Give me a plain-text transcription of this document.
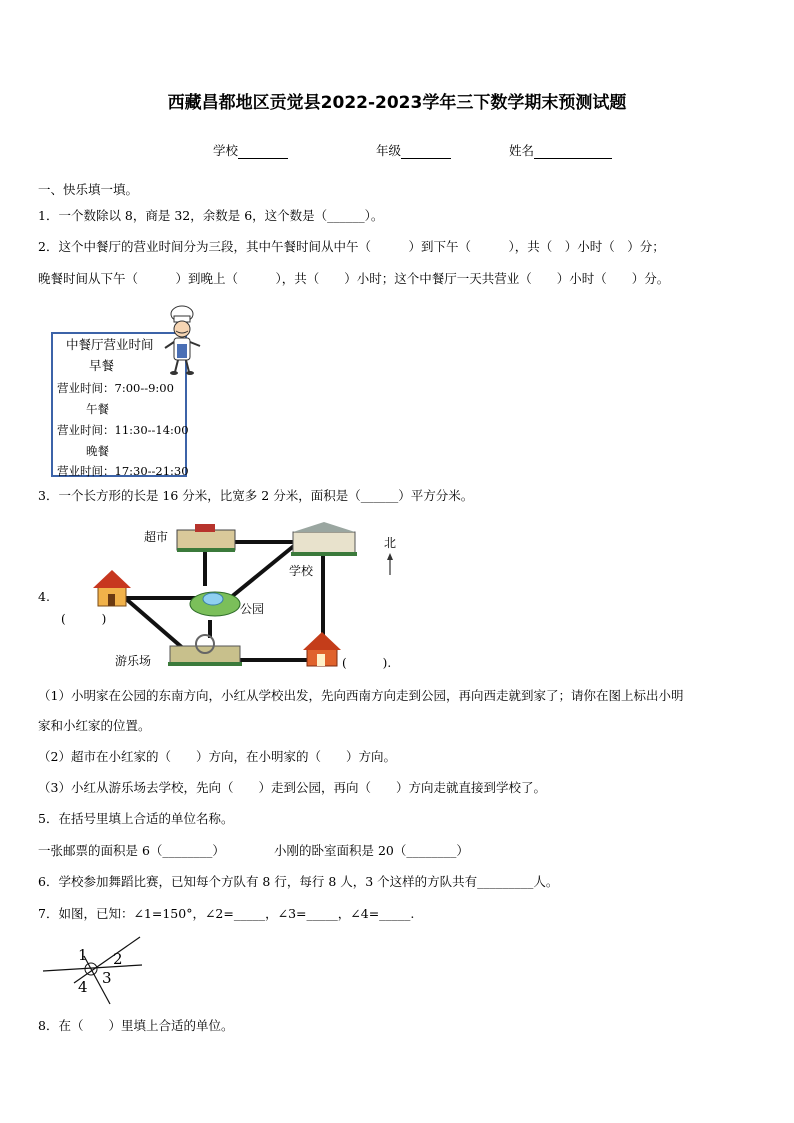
西藏昌都地区贡觉县2022-2023学年三下数学期末预测试题
学校	年级	姓名
一、快乐填一填。
1．一个数除以 8，商是 32，余数是 6，这个数是（______）。
2．这个中餐厅的营业时间分为三段，其中午餐时间从中午（　　　）到下午（　　　），共（　）小时（　）分；
晚餐时间从下午（　　　）到晚上（　　　），共（　　）小时；这个中餐厅一天共营业（　　）小时（　　）分。
中餐厅营业时间
早餐
营业时间：7:00--9:00
午餐
营业时间：11:30--14:00
晚餐
营业时间：17:30--21:30
3．一个长方形的长是 16 分米，比宽多 2 分米，面积是（______）平方分米。
4.
超市
学校
公园
游乐场
北
(　　　)
(　　　).
（1）小明家在公园的东南方向，小红从学校出发，先向西南方向走到公园，再向西走就到家了；请你在图上标出小明
家和小红家的位置。
（2）超市在小红家的（　　）方向，在小明家的（　　）方向。
（3）小红从游乐场去学校，先向（　　）走到公园，再向（　　）方向走就直接到学校了。
5．在括号里填上合适的单位名称。
一张邮票的面积是 6（________）	小刚的卧室面积是 20（________）
6．学校参加舞蹈比赛，已知每个方队有 8 行，每行 8 人，3 个这样的方队共有_________人。
7．如图，已知：∠1=150°，∠2=_____，∠3=_____，∠4=_____.
1 2
3
4
8．在（　　）里填上合适的单位。
